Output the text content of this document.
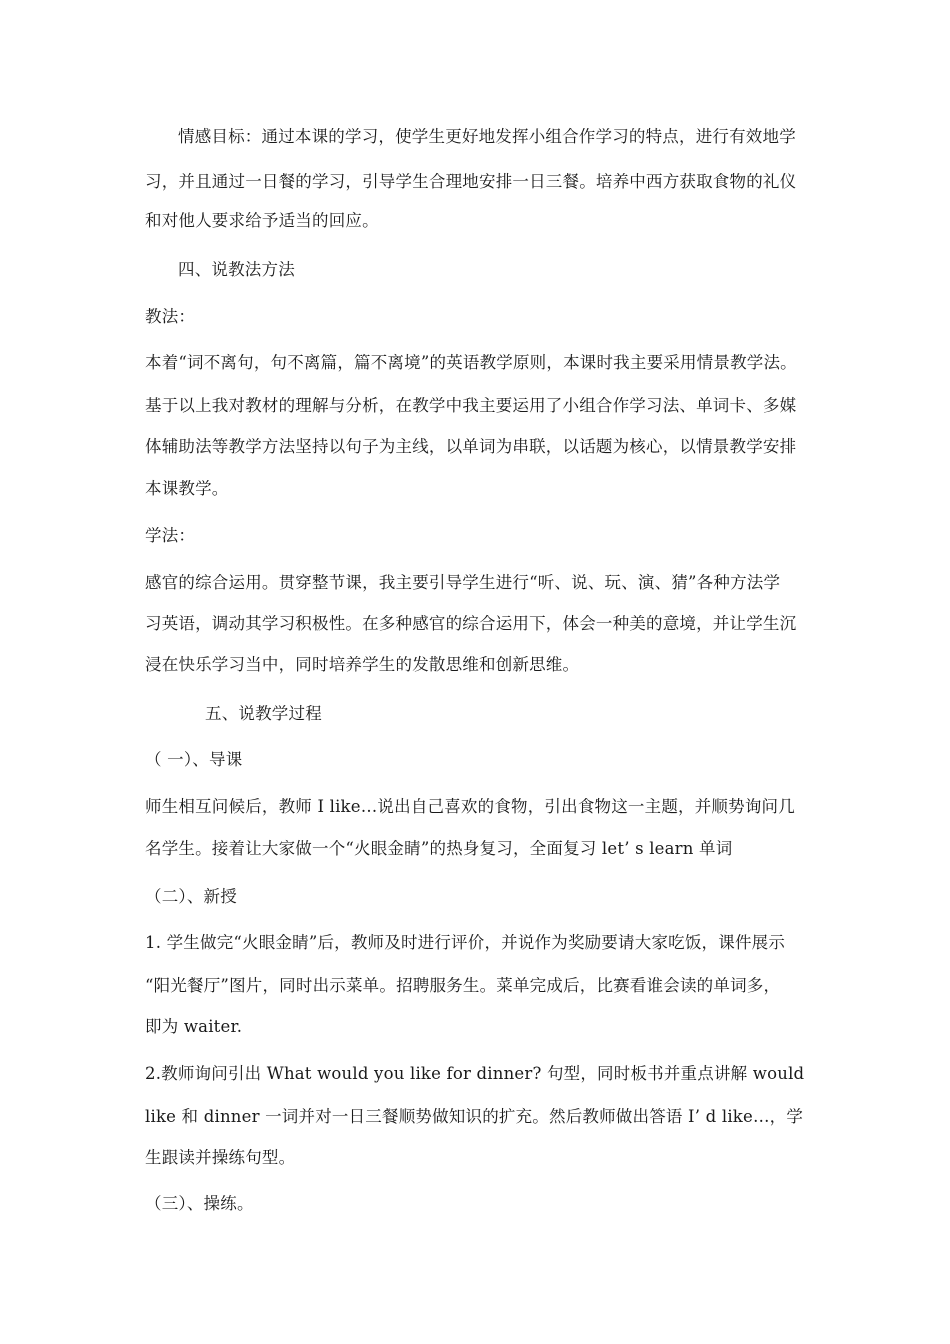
情感目标：通过本课的学习，使学生更好地发挥小组合作学习的特点，进行有效地学
习，并且通过一日餐的学习，引导学生合理地安排一日三餐。培养中西方获取食物的礼仪
和对他人要求给予适当的回应。
四、说教法方法
教法：
本着“词不离句，句不离篇，篇不离境”的英语教学原则，本课时我主要采用情景教学法。
基于以上我对教材的理解与分析，在教学中我主要运用了小组合作学习法、单词卡、多媒
体辅助法等教学方法坚持以句子为主线，以单词为串联，以话题为核心，以情景教学安排
本课教学。
学法：
感官的综合运用。贯穿整节课，我主要引导学生进行“听、说、玩、演、猜”各种方法学
习英语，调动其学习积极性。在多种感官的综合运用下，体会一种美的意境，并让学生沉
浸在快乐学习当中，同时培养学生的发散思维和创新思维。
五、说教学过程
（ 一）、导课
师生相互问候后，教师 I like…说出自己喜欢的食物，引出食物这一主题，并顺势询问几
名学生。接着让大家做一个“火眼金睛”的热身复习，全面复习 let’ s learn 单词
（二）、新授
1. 学生做完“火眼金睛”后，教师及时进行评价，并说作为奖励要请大家吃饭，课件展示
“阳光餐厅”图片，同时出示菜单。招聘服务生。菜单完成后，比赛看谁会读的单词多，
即为 waiter.
2.教师询问引出 What would you like for dinner? 句型，同时板书并重点讲解 would
like 和 dinner 一词并对一日三餐顺势做知识的扩充。然后教师做出答语 I’ d like…，学
生跟读并操练句型。
（三）、操练。
